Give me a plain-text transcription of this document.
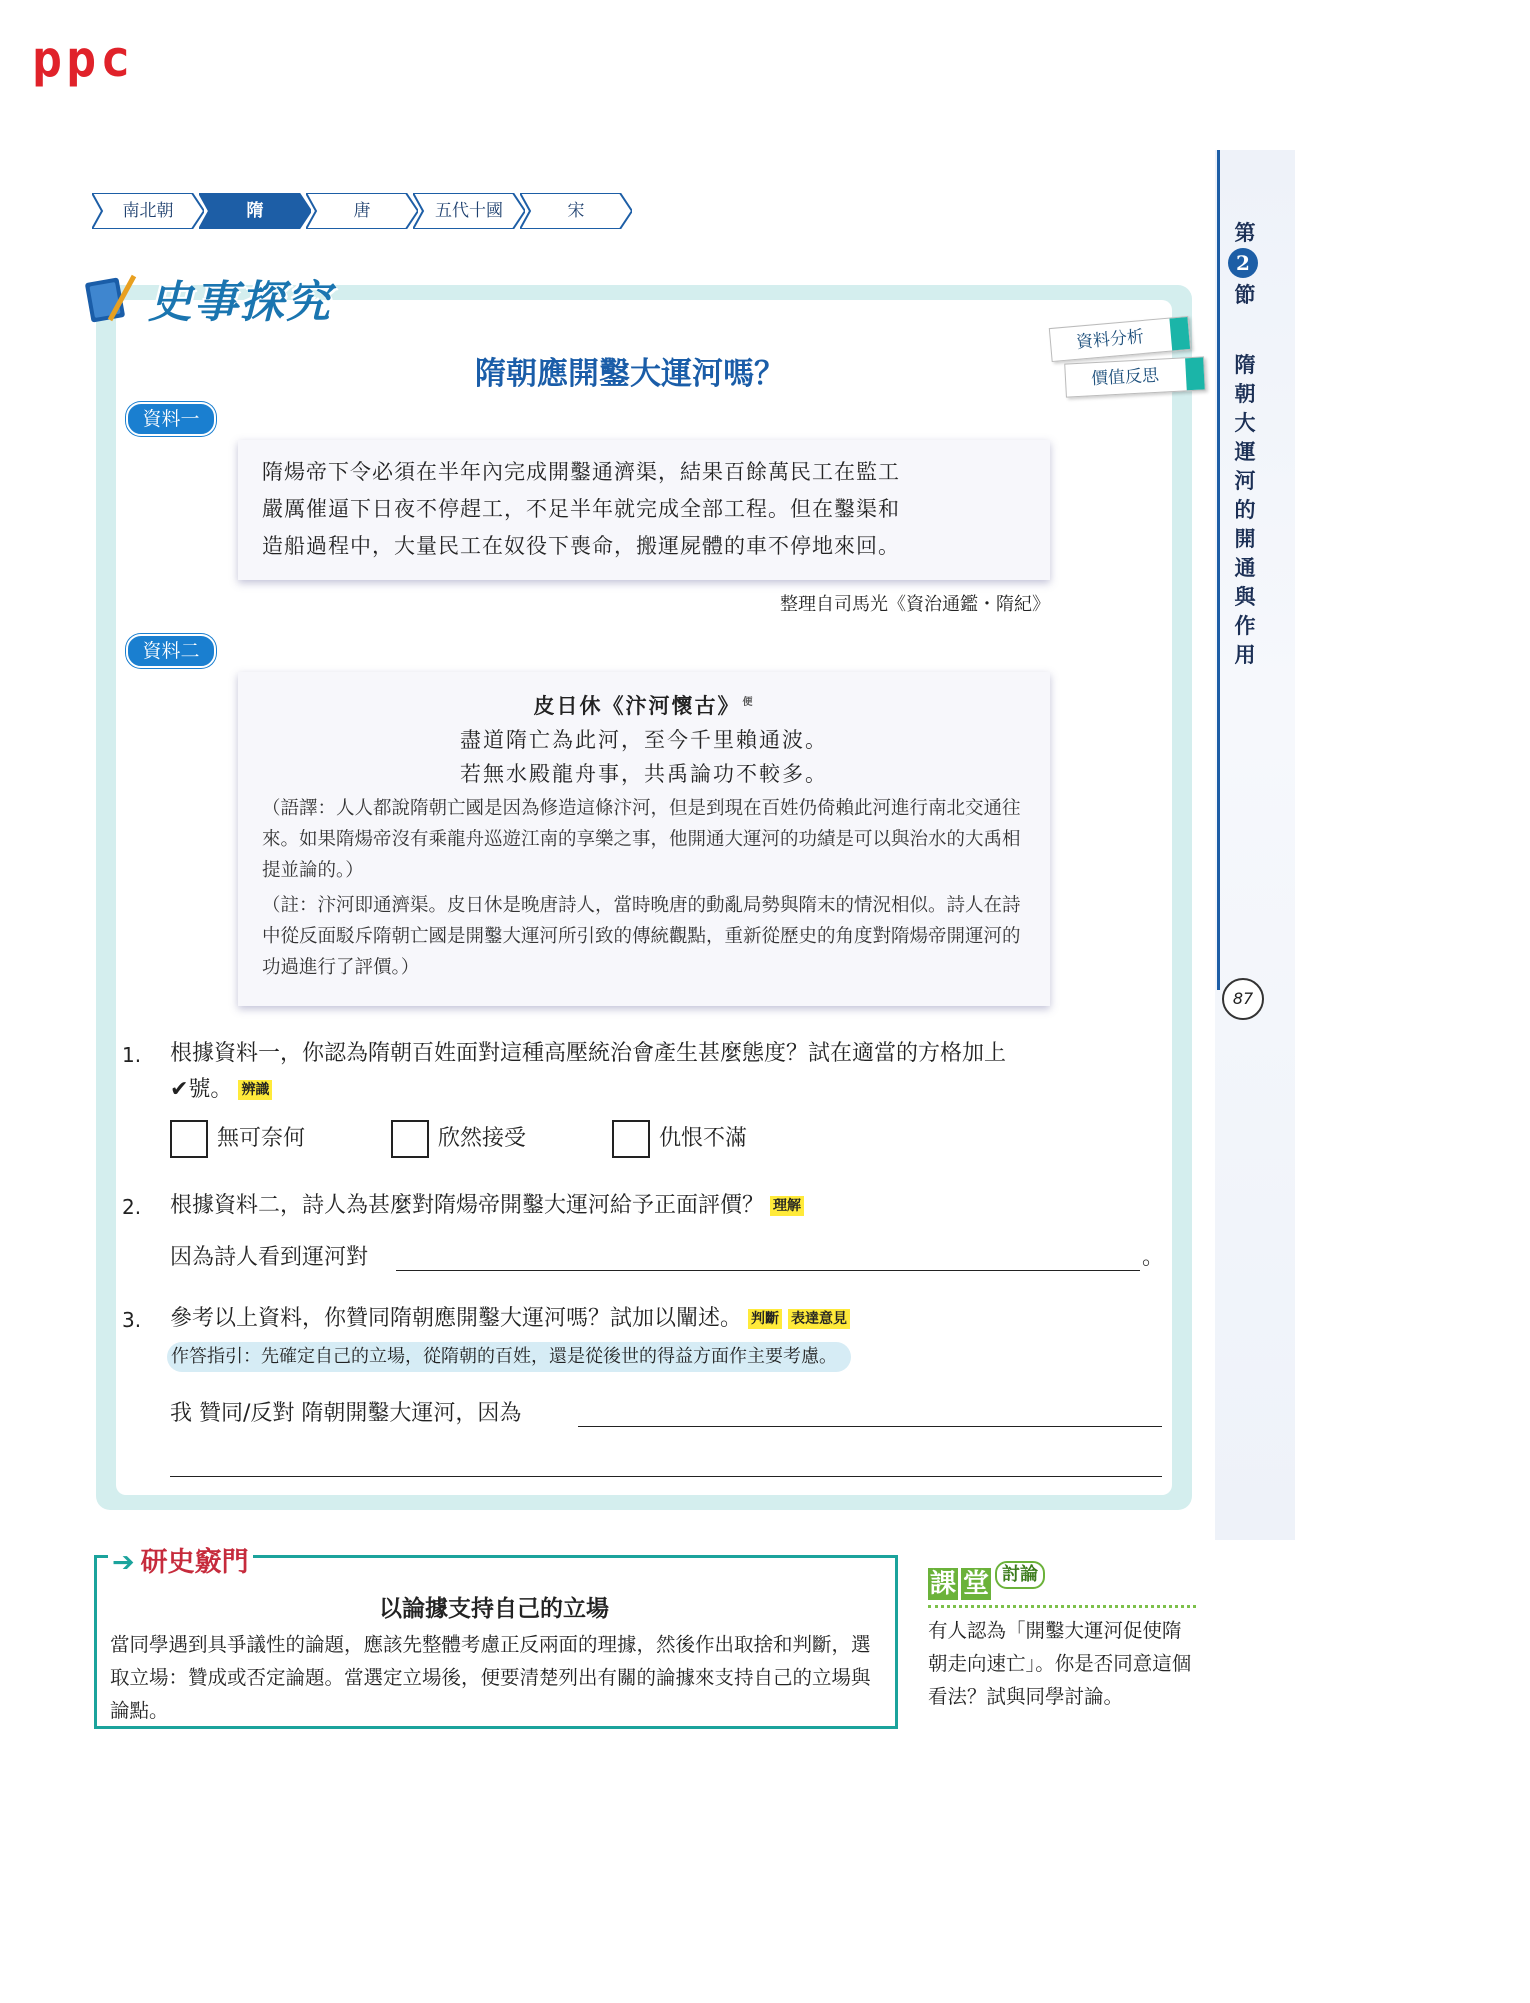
ppc
南北朝	隋	唐	五代十國	宋
第
2
節
隋朝大運河的開通與作用
87
史事探究
資料分析
價值反思
隋朝應開鑿大運河嗎？
資料一
隋煬帝下令必須在半年內完成開鑿通濟渠，結果百餘萬民工在監工
嚴厲催逼下日夜不停趕工，不足半年就完成全部工程。但在鑿渠和
造船過程中，大量民工在奴役下喪命，搬運屍體的車不停地來回。
整理自司馬光《資治通鑑・隋紀》
資料二
皮日休《汴河懷古》 $^便$
盡道隋亡為此河，至今千里賴通波。
若無水殿龍舟事，共禹論功不較多。
（語譯：人人都說隋朝亡國是因為修造這條汴河，但是到現在百姓仍倚賴此河進行南北交通往來。如果隋煬帝沒有乘龍舟巡遊江南的享樂之事，他開通大運河的功績是可以與治水的大禹相提並論的。）
（註：汴河即通濟渠。皮日休是晚唐詩人，當時晚唐的動亂局勢與隋末的情況相似。詩人在詩中從反面駁斥隋朝亡國是開鑿大運河所引致的傳統觀點，重新從歷史的角度對隋煬帝開運河的功過進行了評價。）
1. 根據資料一，你認為隋朝百姓面對這種高壓統治會產生甚麼態度？試在適當的方格加上
✔號。 辨識
無可奈何	欣然接受	仇恨不滿
2. 根據資料二，詩人為甚麼對隋煬帝開鑿大運河給予正面評價？ 理解
因為詩人看到運河對	。
3. 參考以上資料，你贊同隋朝應開鑿大運河嗎？試加以闡述。 判斷 表達意見
作答指引：先確定自己的立場，從隋朝的百姓，還是從後世的得益方面作主要考慮。
我 贊同/反對 隋朝開鑿大運河，因為
➔ 研史竅門
以論據支持自己的立場
當同學遇到具爭議性的論題，應該先整體考慮正反兩面的理據，然後作出取捨和判斷，選取立場：贊成或否定論題。當選定立場後，便要清楚列出有關的論據來支持自己的立場與論點。
課 堂 討論
有人認為「開鑿大運河促使隋朝走向速亡」。你是否同意這個看法？試與同學討論。
